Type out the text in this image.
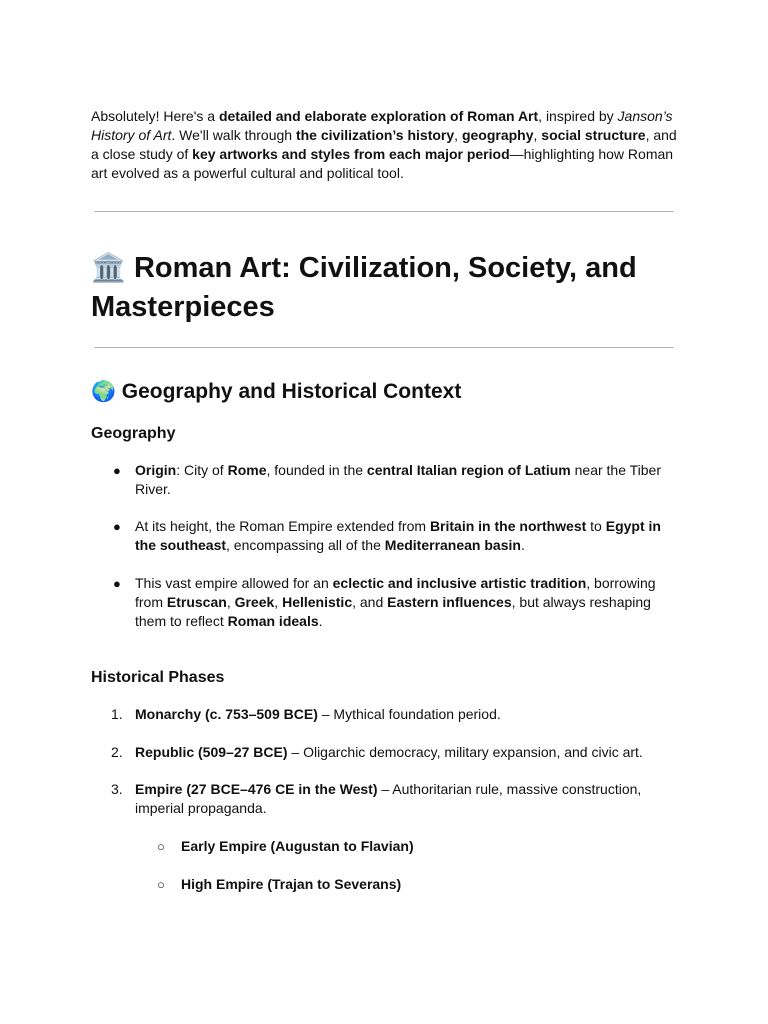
Absolutely! Here's a detailed and elaborate exploration of Roman Art, inspired by Janson’s History of Art. We'll walk through the civilization’s history, geography, social structure, and a close study of key artworks and styles from each major period—highlighting how Roman art evolved as a powerful cultural and political tool.

🏛️ Roman Art: Civilization, Society, and Masterpieces
🌍 Geography and Historical Context
Geography
● Origin: City of Rome, founded in the central Italian region of Latium near the Tiber River.
● At its height, the Roman Empire extended from Britain in the northwest to Egypt in the southeast, encompassing all of the Mediterranean basin.
● This vast empire allowed for an eclectic and inclusive artistic tradition, borrowing from Etruscan, Greek, Hellenistic, and Eastern influences, but always reshaping them to reflect Roman ideals.
Historical Phases
1. Monarchy (c. 753–509 BCE) – Mythical foundation period.
2. Republic (509–27 BCE) – Oligarchic democracy, military expansion, and civic art.
3. Empire (27 BCE–476 CE in the West) – Authoritarian rule, massive construction, imperial propaganda.
○ Early Empire (Augustan to Flavian)
○ High Empire (Trajan to Severans)
